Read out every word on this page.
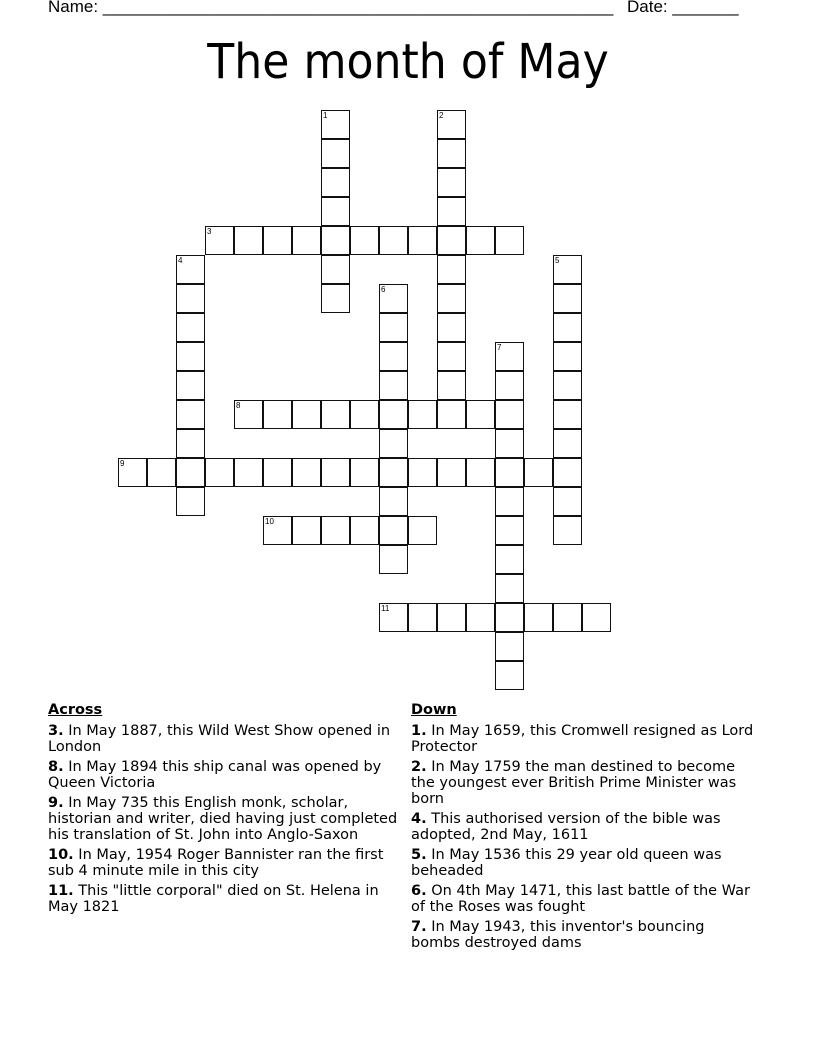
Name: ______________________________________________________ Date: _______
The month of May
1	2
3
4	5
6
7
8
9
10
11
Across
3. In May 1887, this Wild West Show opened in London
8. In May 1894 this ship canal was opened by Queen Victoria
9. In May 735 this English monk, scholar, historian and writer, died having just completed his translation of St. John into Anglo-Saxon
10. In May, 1954 Roger Bannister ran the first sub 4 minute mile in this city
11. This "little corporal" died on St. Helena in May 1821
Down
1. In May 1659, this Cromwell resigned as Lord Protector
2. In May 1759 the man destined to become the youngest ever British Prime Minister was born
4. This authorised version of the bible was adopted, 2nd May, 1611
5. In May 1536 this 29 year old queen was beheaded
6. On 4th May 1471, this last battle of the War of the Roses was fought
7. In May 1943, this inventor's bouncing bombs destroyed dams
